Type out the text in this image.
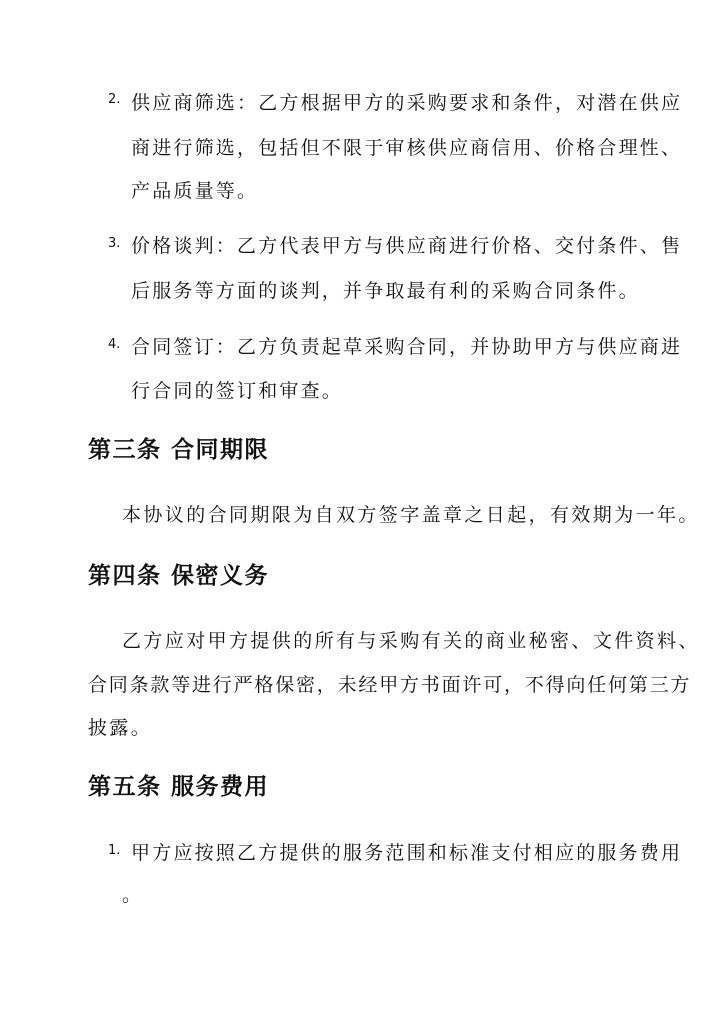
2. 供应商筛选：乙方根据甲方的采购要求和条件，对潜在供应
商进行筛选，包括但不限于审核供应商信用、价格合理性、
产品质量等。
3. 价格谈判：乙方代表甲方与供应商进行价格、交付条件、售
后服务等方面的谈判，并争取最有利的采购合同条件。
4. 合同签订：乙方负责起草采购合同，并协助甲方与供应商进
行合同的签订和审查。
第三条 合同期限
本协议的合同期限为自双方签字盖章之日起，有效期为一年。
第四条 保密义务
乙方应对甲方提供的所有与采购有关的商业秘密、文件资料、
合同条款等进行严格保密，未经甲方书面许可，不得向任何第三方
披露。
第五条 服务费用
1. 甲方应按照乙方提供的服务范围和标准支付相应的服务费用
。
